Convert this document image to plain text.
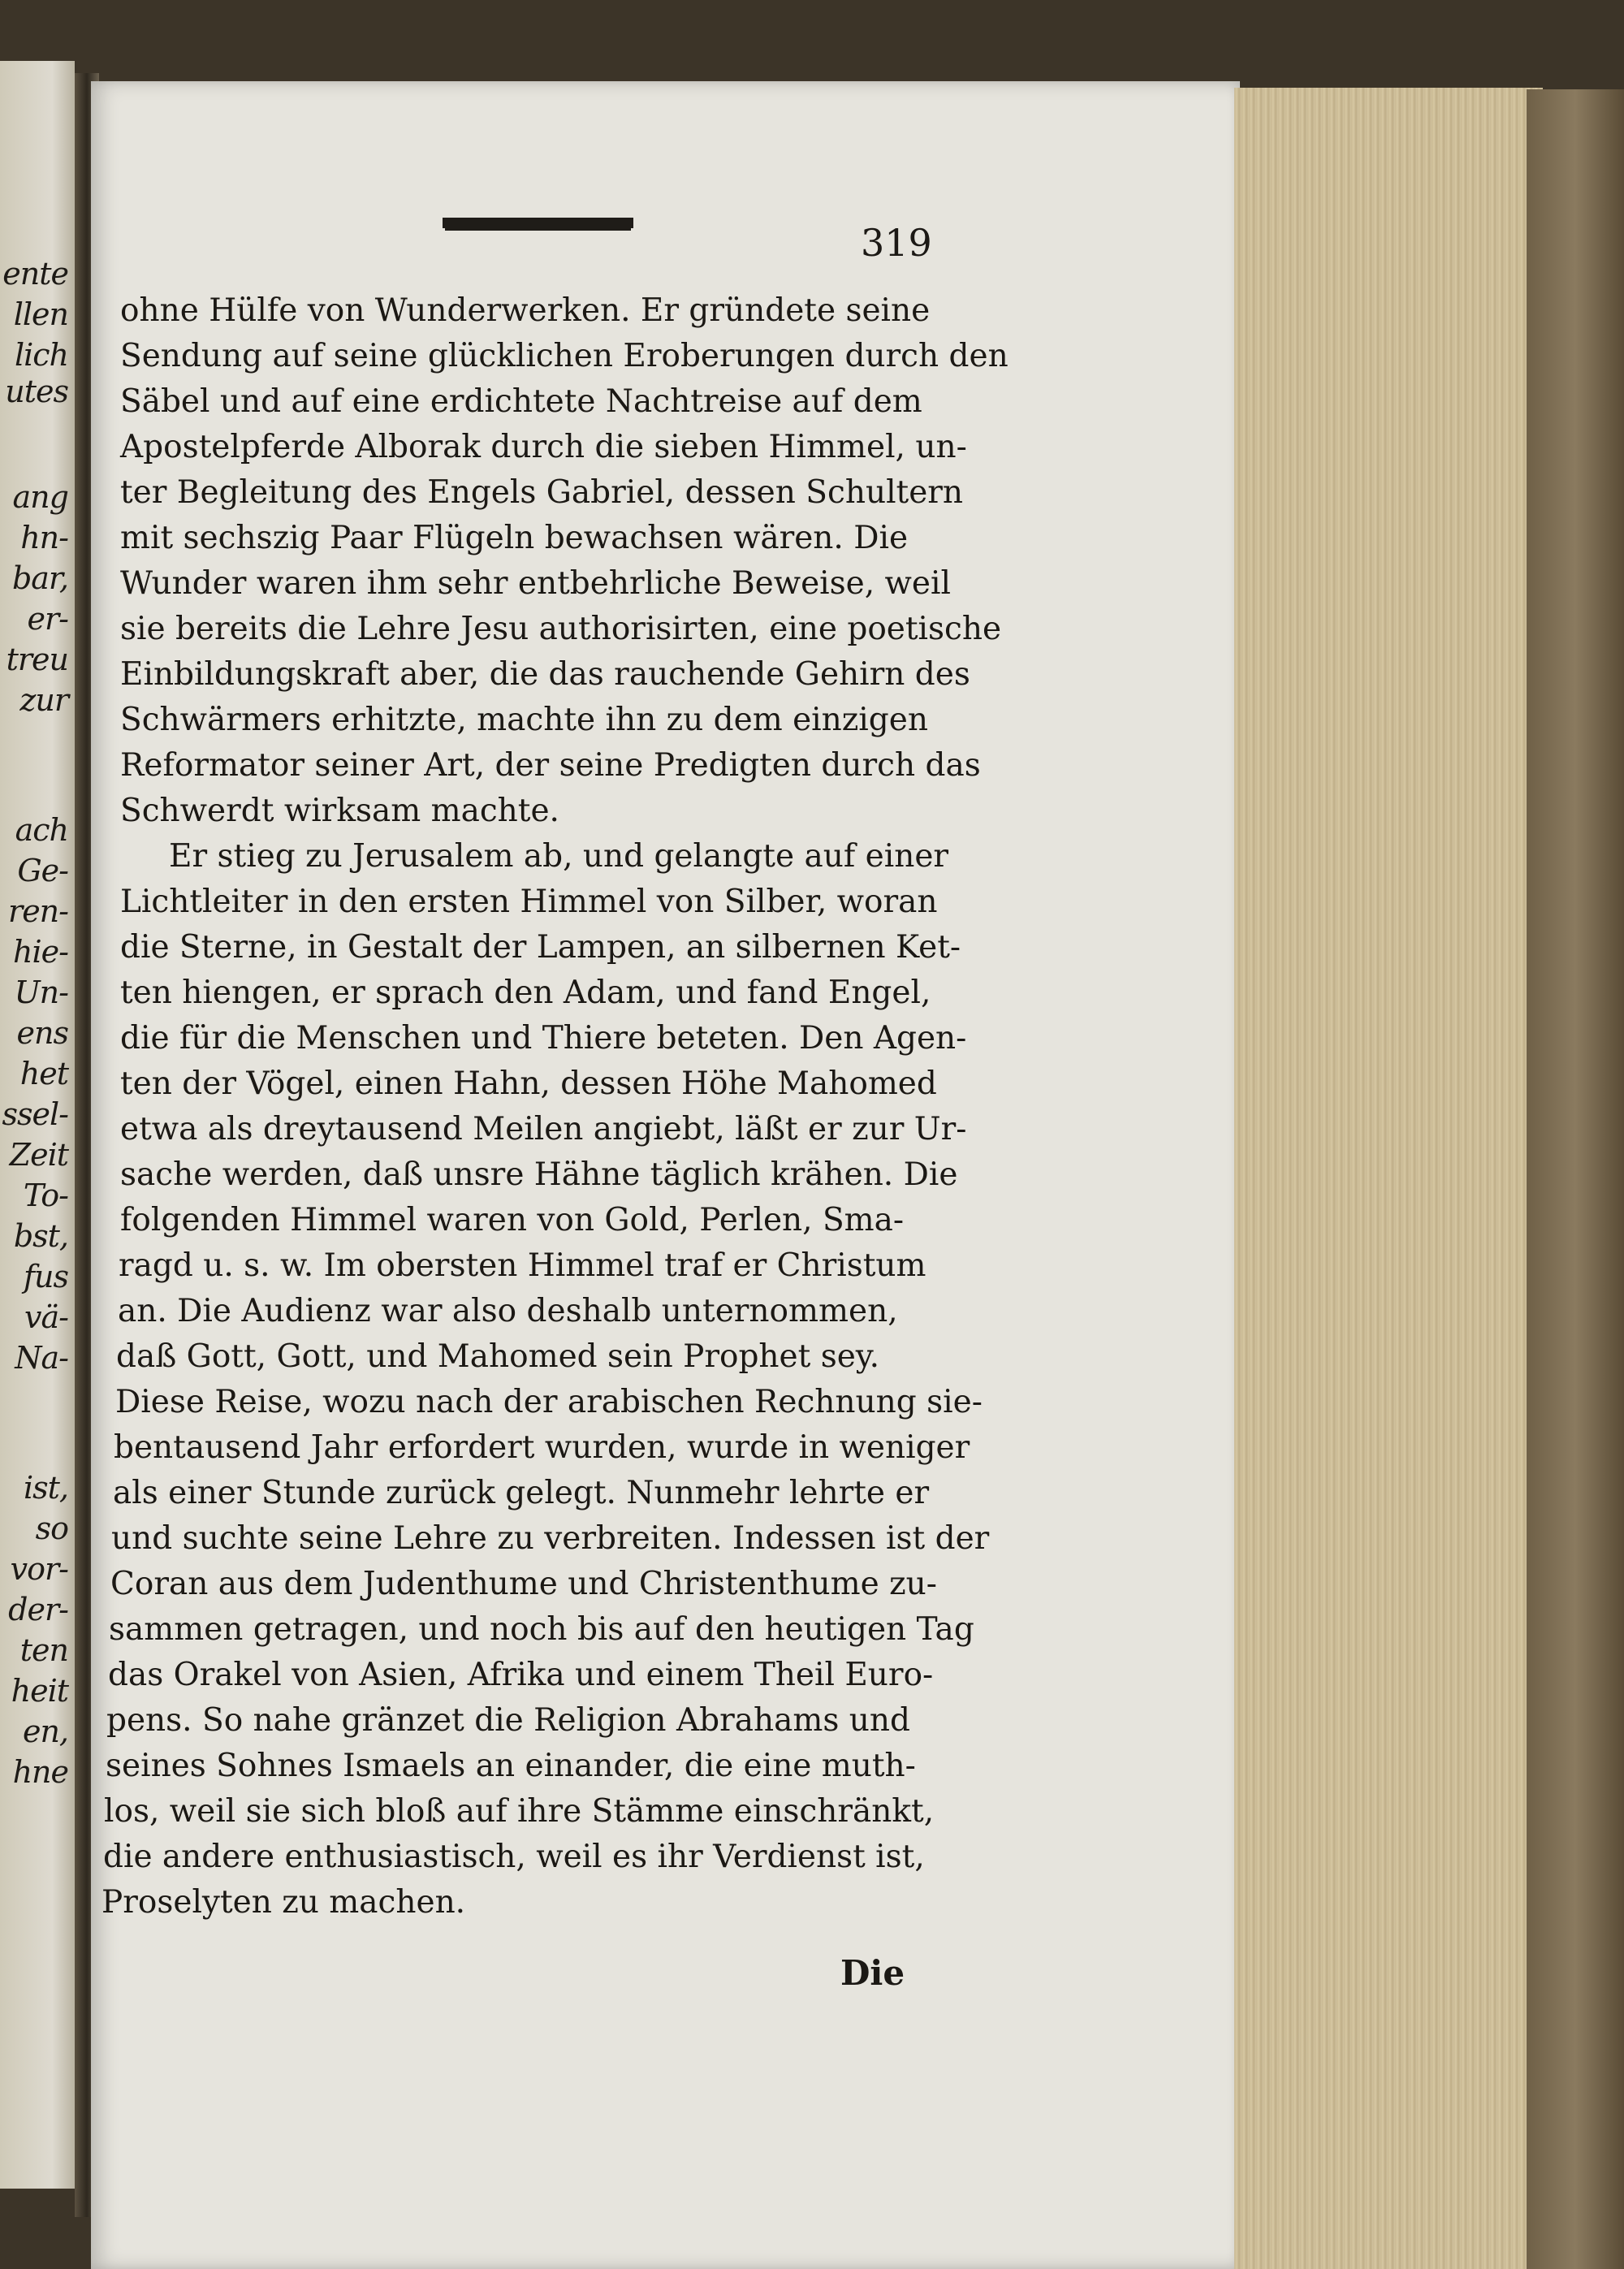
ente
llen
lich
utes
ang
hn-
bar,
er-
treu
zur
ach
Ge-
ren-
hie-
Un-
ens
het
ssel-
Zeit
To-
bst,
fus
vä-
Na-
ist,
so
vor-
der-
ten
heit
en,
hne
319
ohne Hülfe von Wunderwerken. Er gründete seine
Sendung auf seine glücklichen Eroberungen durch den
Säbel und auf eine erdichtete Nachtreise auf dem
Apostelpferde Alborak durch die sieben Himmel, un-
ter Begleitung des Engels Gabriel, dessen Schultern
mit sechszig Paar Flügeln bewachsen wären. Die
Wunder waren ihm sehr entbehrliche Beweise, weil
sie bereits die Lehre Jesu authorisirten, eine poetische
Einbildungskraft aber, die das rauchende Gehirn des
Schwärmers erhitzte, machte ihn zu dem einzigen
Reformator seiner Art, der seine Predigten durch das
Schwerdt wirksam machte.
Er stieg zu Jerusalem ab, und gelangte auf einer
Lichtleiter in den ersten Himmel von Silber, woran
die Sterne, in Gestalt der Lampen, an silbernen Ket-
ten hiengen, er sprach den Adam, und fand Engel,
die für die Menschen und Thiere beteten. Den Agen-
ten der Vögel, einen Hahn, dessen Höhe Mahomed
etwa als dreytausend Meilen angiebt, läßt er zur Ur-
sache werden, daß unsre Hähne täglich krähen. Die
folgenden Himmel waren von Gold, Perlen, Sma-
ragd u. s. w. Im obersten Himmel traf er Christum
an. Die Audienz war also deshalb unternommen,
daß Gott, Gott, und Mahomed sein Prophet sey.
Diese Reise, wozu nach der arabischen Rechnung sie-
bentausend Jahr erfordert wurden, wurde in weniger
als einer Stunde zurück gelegt. Nunmehr lehrte er
und suchte seine Lehre zu verbreiten. Indessen ist der
Coran aus dem Judenthume und Christenthume zu-
sammen getragen, und noch bis auf den heutigen Tag
das Orakel von Asien, Afrika und einem Theil Euro-
pens. So nahe gränzet die Religion Abrahams und
seines Sohnes Ismaels an einander, die eine muth-
los, weil sie sich bloß auf ihre Stämme einschränkt,
die andere enthusiastisch, weil es ihr Verdienst ist,
Proselyten zu machen.
Die
